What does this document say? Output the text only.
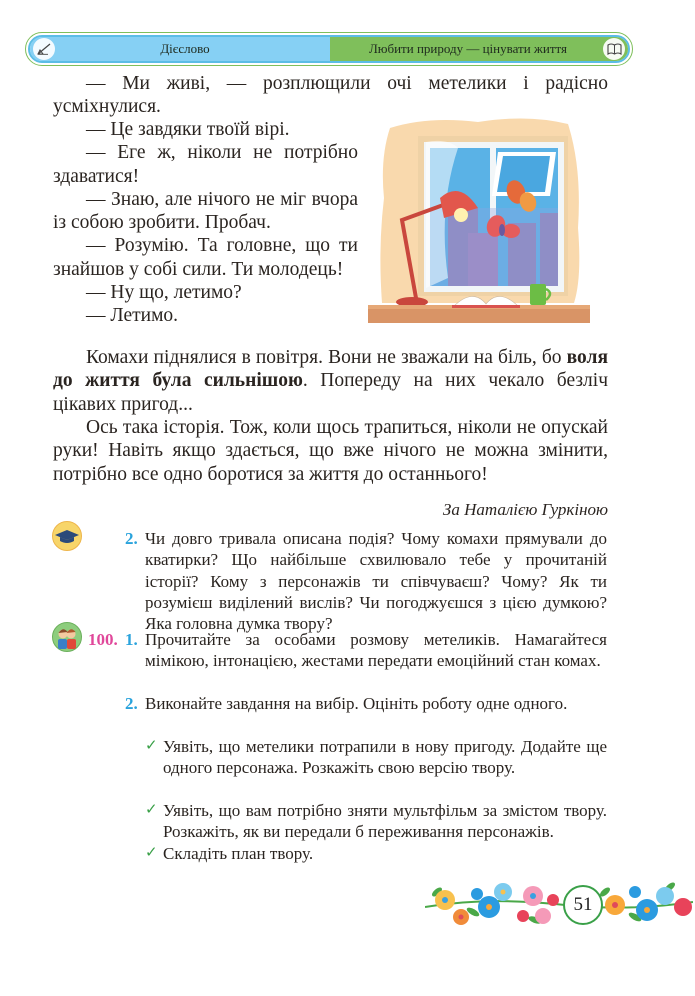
Дієслово	Любити природу — цінувати життя
— Ми живі, — розплющили очі метелики і радісно усміхнулися.
— Це завдяки твоїй вірі.
— Еге ж, ніколи не потрібно здаватися!
— Знаю, але нічого не міг вчора із собою зробити. Пробач.
— Розумію. Та головне, що ти знайшов у собі сили. Ти молодець!
— Ну що, летимо?
— Летимо.
Комахи піднялися в повітря. Вони не зважали на біль, бо воля до життя була сильнішою. Попереду на них чекало безліч цікавих пригод...
Ось така історія. Тож, коли щось трапиться, ніколи не опускай руки! Навіть якщо здається, що вже нічого не можна змінити, потрібно все одно боротися за життя до останнього!
За Наталією Гуркіною
2. Чи довго тривала описана подія? Чому комахи прямували до кватирки? Що найбільше схвилювало тебе у прочитаній історії? Кому з персонажів ти співчуваєш? Чому? Як ти розумієш виділений вислів? Чи погоджуєшся з цією думкою? Яка головна думка твору?
100. 1. Прочитайте за особами розмову метеликів. Намагайтеся мімікою, інтонацією, жестами передати емоційний стан комах.
2. Виконайте завдання на вибір. Оцініть роботу одне одного.
✓ Уявіть, що метелики потрапили в нову пригоду. Додайте ще одного персонажа. Розкажіть свою версію твору.
✓ Уявіть, що вам потрібно зняти мультфільм за змістом твору. Розкажіть, як ви передали б переживання персонажів.
✓ Складіть план твору.
51
